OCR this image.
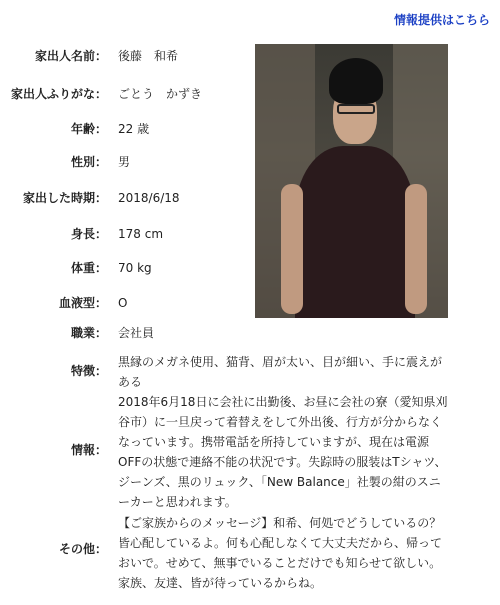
情報提供はこちら
家出人名前： 後藤　和希
家出人ふりがな： ごとう　かずき
年齢： 22 歳
性別： 男
家出した時期： 2018/6/18
身長： 178 cm
体重： 70 kg
血液型： O
職業： 会社員
特徴：
黒縁のメガネ使用、猫背、眉が太い、目が細い、手に震えがある
情報：
2018年6月18日に会社に出勤後、お昼に会社の寮（愛知県刈谷市）に一旦戻って着替えをして外出後、行方が分からなくなっています。携帯電話を所持していますが、現在は電源OFFの状態で連絡不能の状況です。失踪時の服装はTシャツ、ジーンズ、黒のリュック、「New Balance」社製の紺のスニーカーと思われます。
その他：
【ご家族からのメッセージ】和希、何処でどうしているの？皆心配しているよ。何も心配しなくて大丈夫だから、帰っておいで。せめて、無事でいることだけでも知らせて欲しい。家族、友達、皆が待っているからね。
